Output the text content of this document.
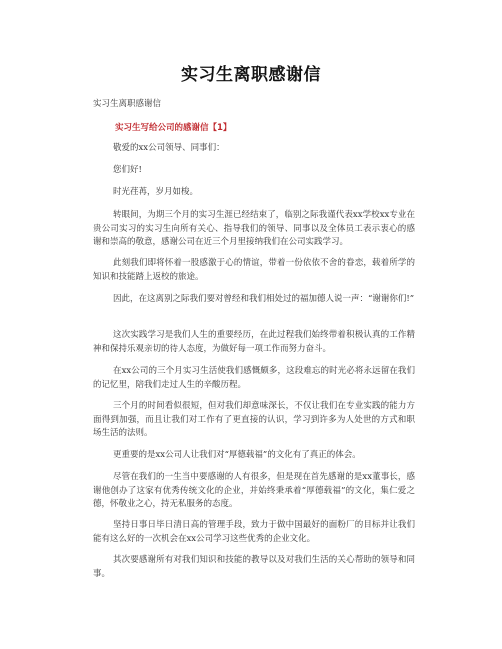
实习生离职感谢信
实习生离职感谢信
实习生写给公司的感谢信【1】
敬爱的xx公司领导、同事们：
您们好!
时光荏苒，岁月如梭。
转眼间，为期三个月的实习生涯已经结束了，临别之际我谨代表xx学校xx专业在贵公司实习的实习生向所有关心、指导我们的领导、同事以及全体员工表示衷心的感谢和崇高的敬意，感谢公司在近三个月里接纳我们在公司实践学习。
此刻我们即将怀着一股感激于心的情谊，带着一份依依不舍的眷恋，载着所学的知识和技能踏上返校的旅途。
因此，在这离别之际我们要对曾经和我们相处过的福加德人说一声：“谢谢你们!”
这次实践学习是我们人生的重要经历，在此过程我们始终带着积极认真的工作精神和保持乐观亲切的待人态度，为做好每一项工作而努力奋斗。
在xx公司的三个月实习生活使我们感慨颇多，这段难忘的时光必将永远留在我们的记忆里，陪我们走过人生的辛酸历程。
三个月的时间看似很短，但对我们却意味深长，不仅让我们在专业实践的能力方面得到加强，而且让我们对工作有了更直接的认识，学习到许多为人处世的方式和职场生活的法则。
更重要的是xx公司人让我们对“厚德载福”的文化有了真正的体会。
尽管在我们的一生当中要感谢的人有很多，但是现在首先感谢的是xx董事长，感谢他创办了这家有优秀传统文化的企业，并始终秉承着“厚德载福”的文化，集仁爱之德，怀敬业之心，持无私服务的态度。
坚持日事日毕日清日高的管理手段，致力于做中国最好的面粉厂的目标并让我们能有这么好的一次机会在xx公司学习这些优秀的企业文化。
其次要感谢所有对我们知识和技能的教导以及对我们生活的关心帮助的领导和同事。
